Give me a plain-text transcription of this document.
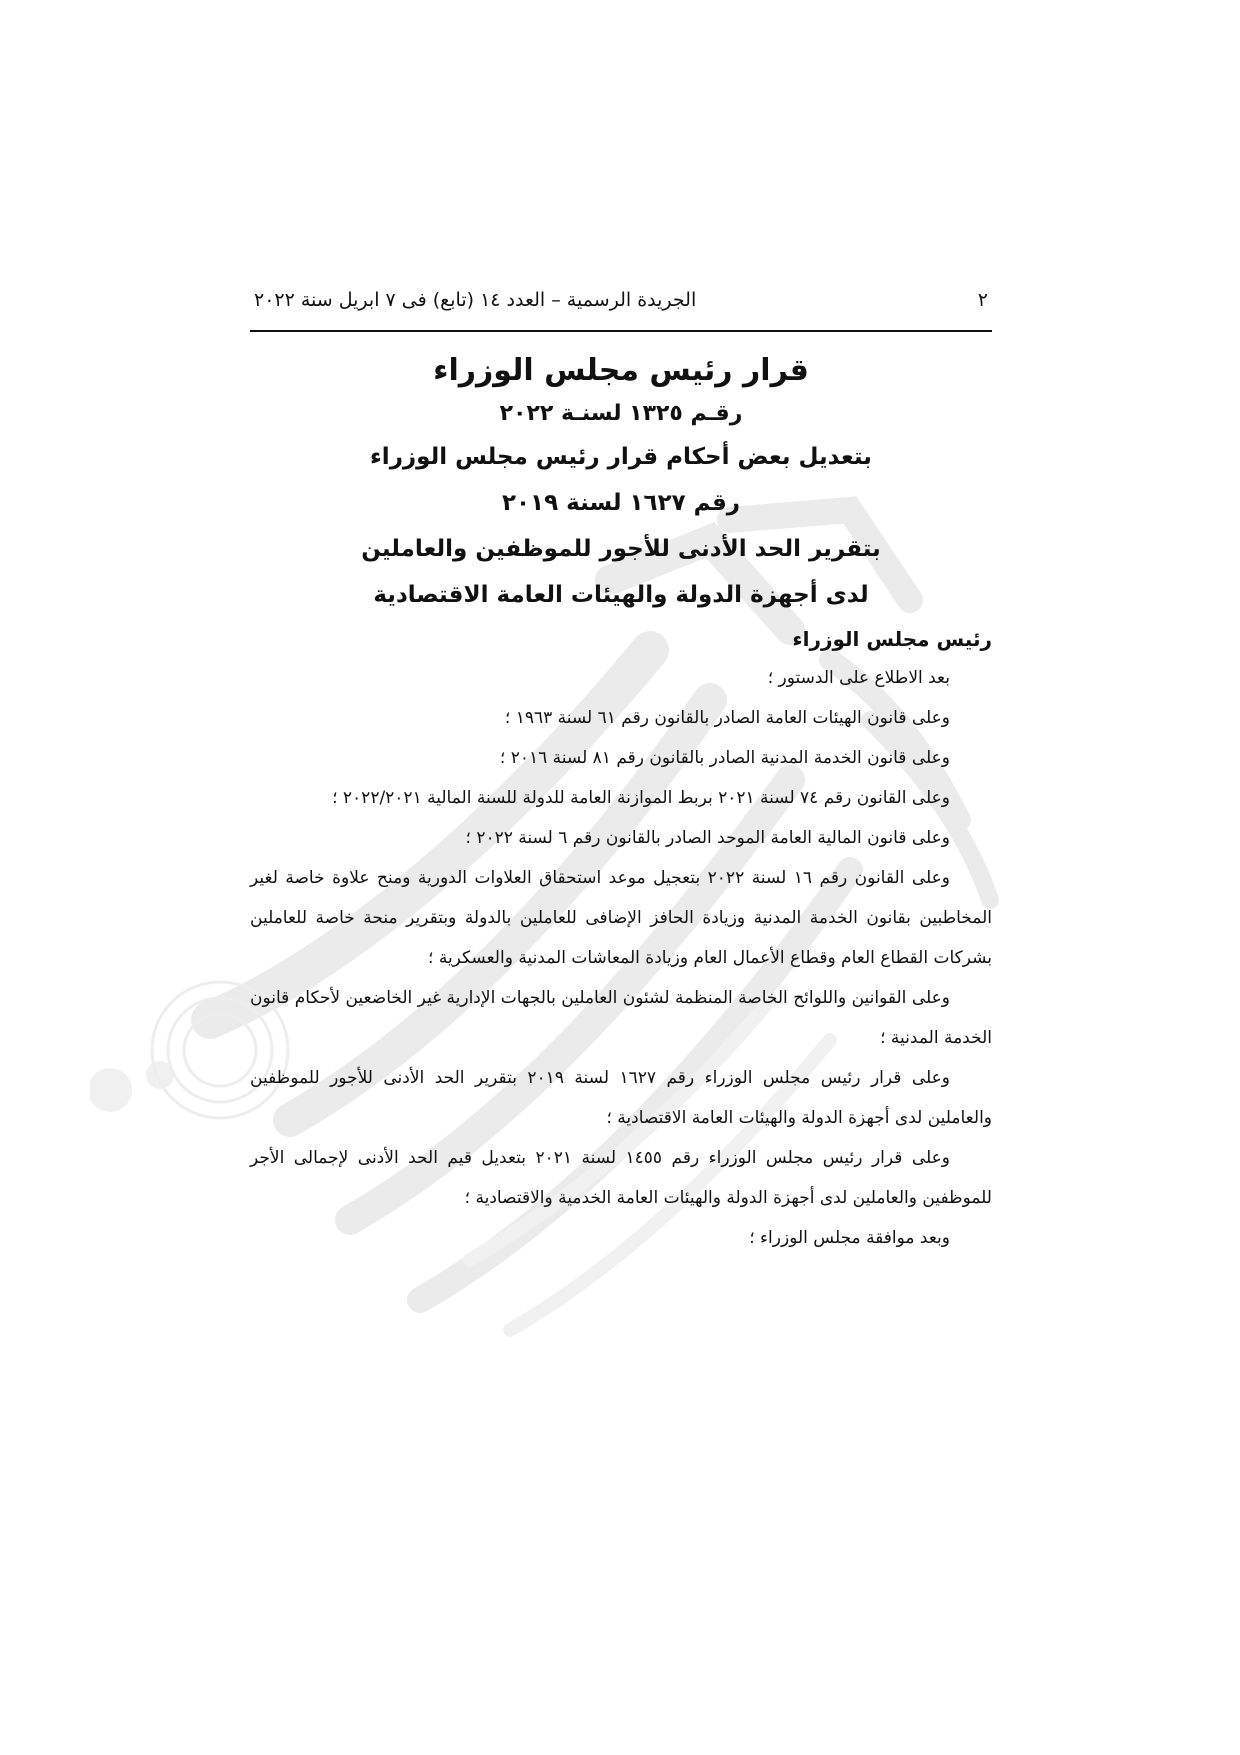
٢
الجريدة الرسمية – العدد ١٤ (تابع) فى ٧ ابريل سنة ٢٠٢٢
قرار رئيس مجلس الوزراء
رقـم ١٣٢٥ لسنـة ٢٠٢٢
بتعديل بعض أحكام قرار رئيس مجلس الوزراء
رقم ١٦٢٧ لسنة ٢٠١٩
بتقرير الحد الأدنى للأجور للموظفين والعاملين
لدى أجهزة الدولة والهيئات العامة الاقتصادية
رئيس مجلس الوزراء

بعد الاطلاع على الدستور ؛

وعلى قانون الهيئات العامة الصادر بالقانون رقم ٦١ لسنة ١٩٦٣ ؛

وعلى قانون الخدمة المدنية الصادر بالقانون رقم ٨١ لسنة ٢٠١٦ ؛

وعلى القانون رقم ٧٤ لسنة ٢٠٢١ بربط الموازنة العامة للدولة للسنة المالية ٢٠٢٢/٢٠٢١ ؛

وعلى قانون المالية العامة الموحد الصادر بالقانون رقم ٦ لسنة ٢٠٢٢ ؛

وعلى القانون رقم ١٦ لسنة ٢٠٢٢ بتعجيل موعد استحقاق العلاوات الدورية ومنح علاوة خاصة لغير المخاطبين بقانون الخدمة المدنية وزيادة الحافز الإضافى للعاملين بالدولة وبتقرير منحة خاصة للعاملين بشركات القطاع العام وقطاع الأعمال العام وزيادة المعاشات المدنية والعسكرية ؛

وعلى القوانين واللوائح الخاصة المنظمة لشئون العاملين بالجهات الإدارية غير الخاضعين لأحكام قانون الخدمة المدنية ؛

وعلى قرار رئيس مجلس الوزراء رقم ١٦٢٧ لسنة ٢٠١٩ بتقرير الحد الأدنى للأجور للموظفين والعاملين لدى أجهزة الدولة والهيئات العامة الاقتصادية ؛

وعلى قرار رئيس مجلس الوزراء رقم ١٤٥٥ لسنة ٢٠٢١ بتعديل قيم الحد الأدنى لإجمالى الأجر للموظفين والعاملين لدى أجهزة الدولة والهيئات العامة الخدمية والاقتصادية ؛

وبعد موافقة مجلس الوزراء ؛
